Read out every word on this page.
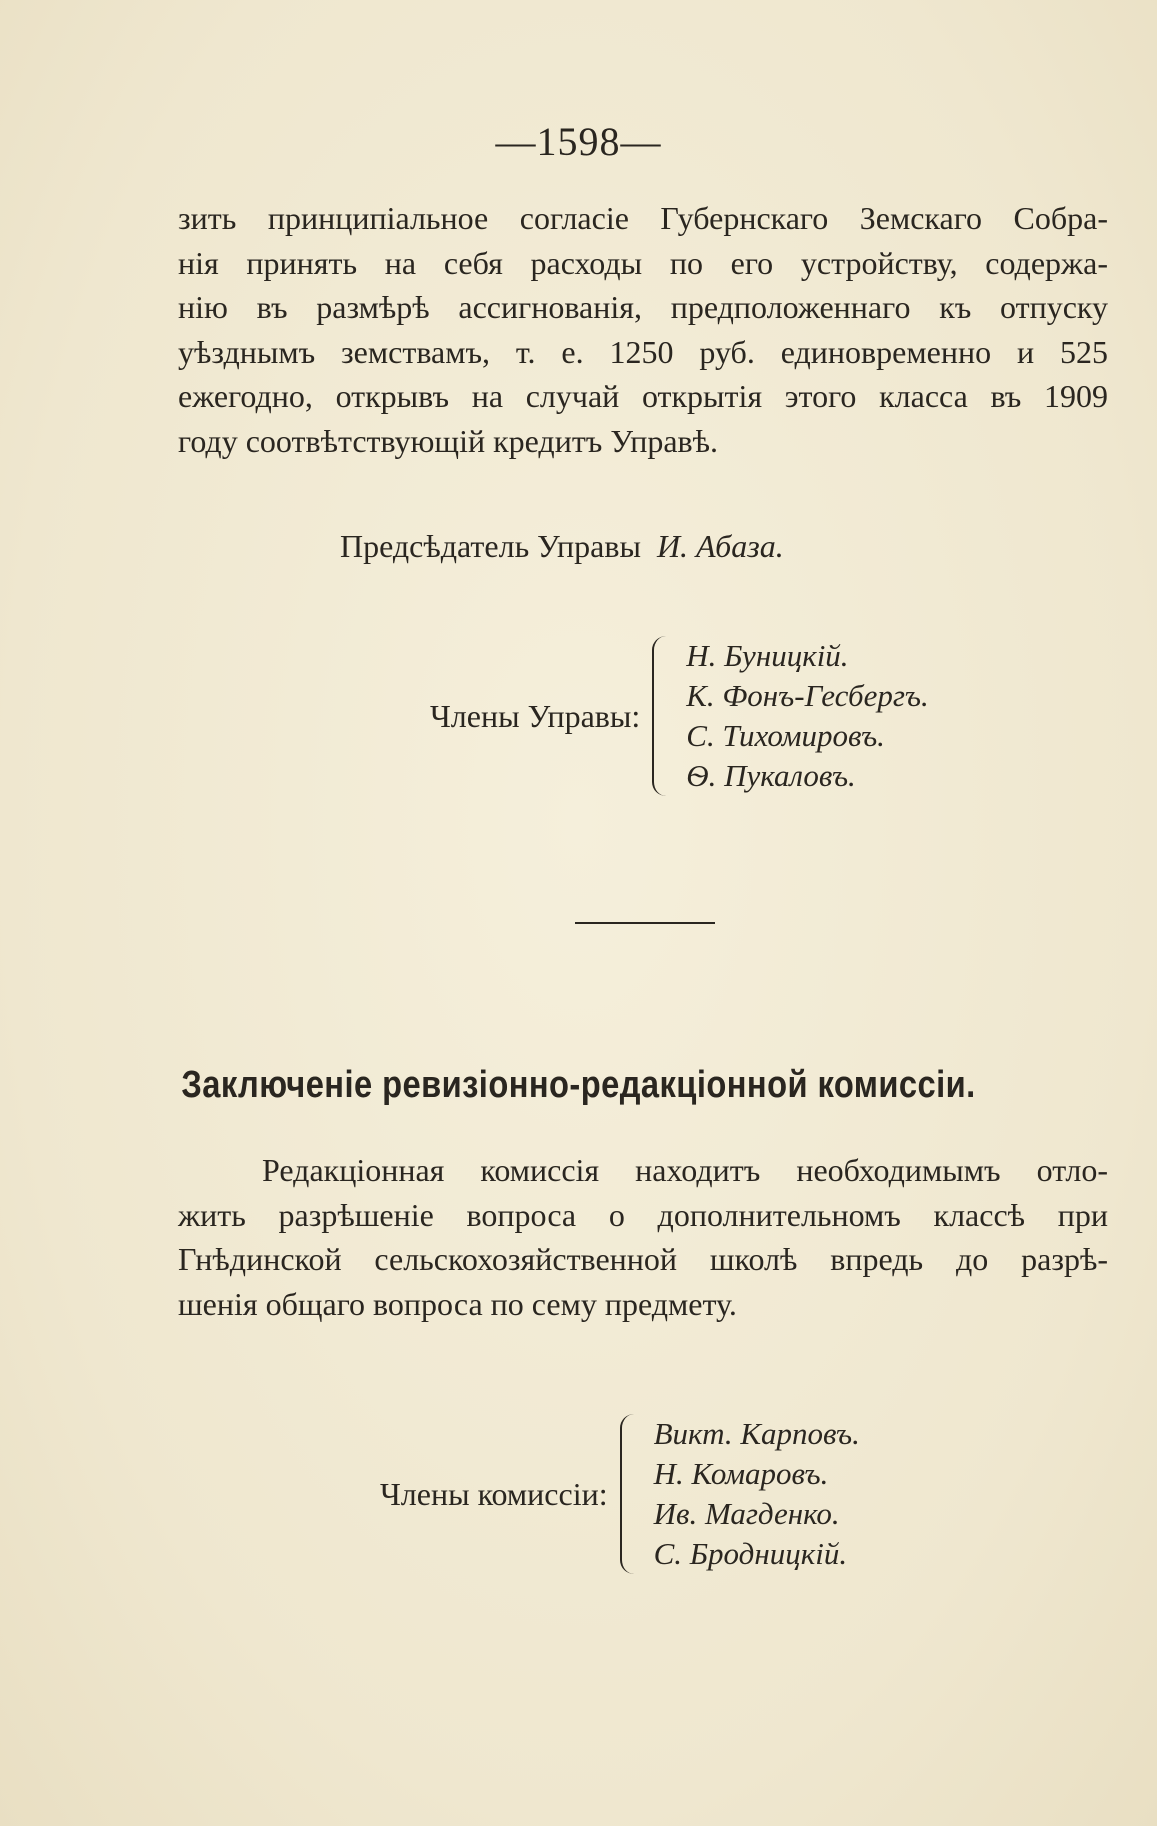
—1598—

зить принципіальное согласіе Губернскаго Земскаго Собра-
нія принять на себя расходы по его устройству, содержа-
нію въ размѣрѣ ассигнованія, предположеннаго къ отпуску
уѣзднымъ земствамъ, т. е. 1250 руб. единовременно и 525
ежегодно, открывъ на случай открытія этого класса въ 1909
году соотвѣтствующій кредитъ Управѣ.

Предсѣдатель Управы И. Абаза.
Члены Управы:
Н. Буницкій.
К. Фонъ-Гесбергъ.
С. Тихомировъ.
Ѳ. Пукаловъ.
Заключеніе ревизіонно-редакціонной комиссіи.

Редакціонная комиссія находитъ необходимымъ отло-
жить разрѣшеніе вопроса о дополнительномъ классѣ при
Гнѣдинской сельскохозяйственной школѣ впредь до разрѣ-
шенія общаго вопроса по сему предмету.

Члены комиссіи:
Викт. Карповъ.
Н. Комаровъ.
Ив. Магденко.
С. Бродницкій.
